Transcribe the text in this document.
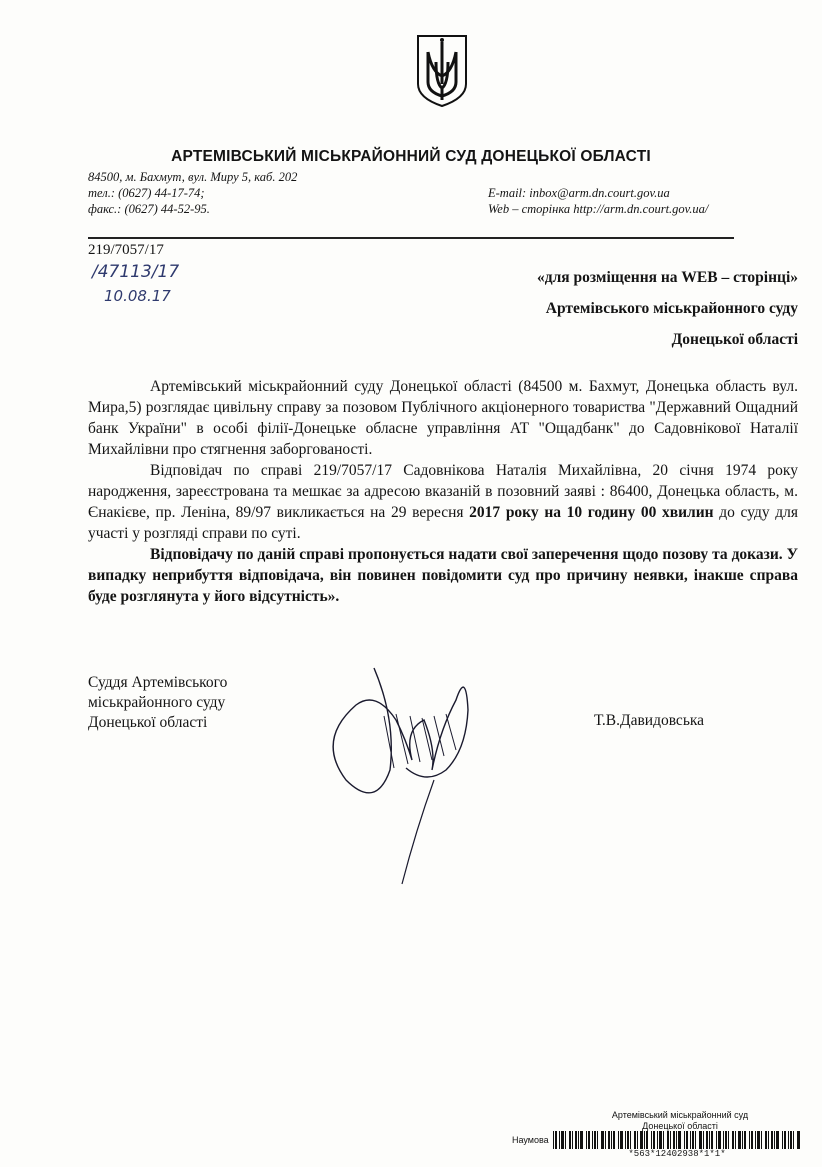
АРТЕМІВСЬКИЙ МІСЬКРАЙОННИЙ СУД ДОНЕЦЬКОЇ ОБЛАСТІ
84500, м. Бахмут, вул. Миру 5, каб. 202
тел.: (0627) 44-17-74;
факс.: (0627) 44-52-95.
E-mail: inbox@arm.dn.court.gov.ua
Web – сторінка http://arm.dn.court.gov.ua/
219/7057/17
/47113/17
10.08.17
«для розміщення на WEB – сторінці»
Артемівського міськрайонного суду
Донецької області

Артемівський міськрайонний суду Донецької області (84500 м. Бахмут, Донецька область вул. Мира,5) розглядає цивільну справу за позовом Публічного акціонерного товариства "Державний Ощадний банк України" в особі філії-Донецьке обласне управління АТ "Ощадбанк" до Садовнікової Наталії Михайлівни про стягнення заборгованості.

Відповідач по справі 219/7057/17 Садовнікова Наталія Михайлівна, 20 січня 1974 року народження, зареєстрована та мешкає за адресою вказаній в позовний заяві : 86400, Донецька область, м. Єнакієве, пр. Леніна, 89/97 викликається на 29 вересня 2017 року на 10 годину 00 хвилин до суду для участі у розгляді справи по суті.

Відповідачу по даній справі пропонується надати свої заперечення щодо позову та докази. У випадку неприбуття відповідача, він повинен повідомити суд про причину неявки, інакше справа буде розглянута у його відсутність».

Суддя Артемівського
міськрайонного суду
Донецької області	Т.В.Давидовська
Артемівський міськрайонний суд
Донецької області
Наумова
*563*12402938*1*1*
